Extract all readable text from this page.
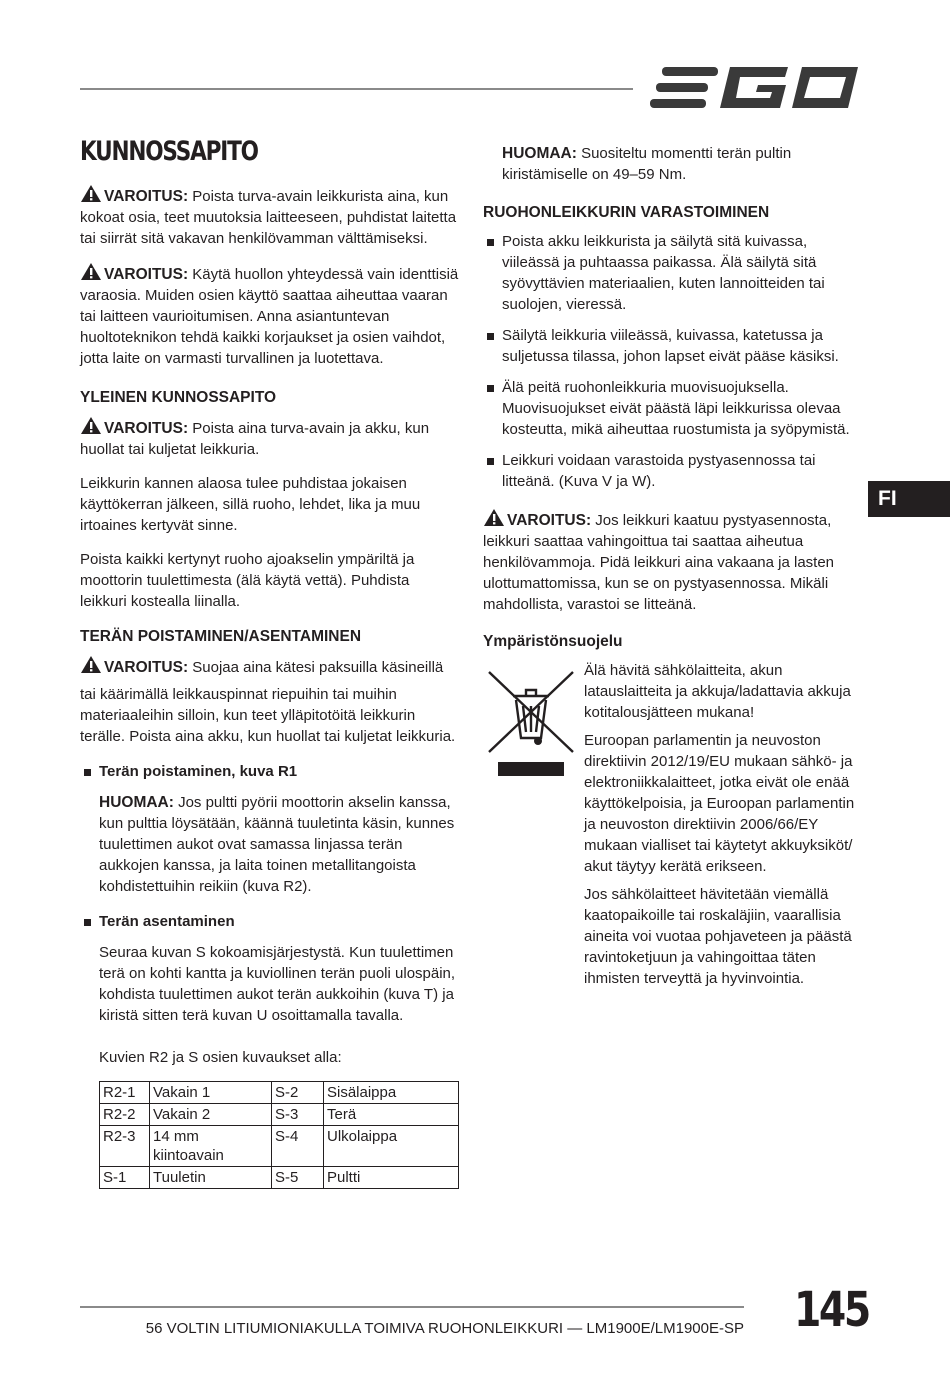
KUNNOSSAPITO

VAROITUS: Poista turva-avain leikkurista aina, kun kokoat osia, teet muutoksia laitteeseen, puhdistat laitetta tai siirrät sitä vakavan henkilövamman välttämiseksi.

VAROITUS: Käytä huollon yhteydessä vain identtisiä varaosia. Muiden osien käyttö saattaa aiheuttaa vaaran tai laitteen vaurioitumisen. Anna asiantuntevan huoltoteknikon tehdä kaikki korjaukset ja osien vaihdot, jotta laite on varmasti turvallinen ja luotettava.

YLEINEN KUNNOSSAPITO

VAROITUS: Poista aina turva-avain ja akku, kun huollat tai kuljetat leikkuria.

Leikkurin kannen alaosa tulee puhdistaa jokaisen käyttökerran jälkeen, sillä ruoho, lehdet, lika ja muu irtoaines kertyvät sinne.

Poista kaikki kertynyt ruoho ajoakselin ympäriltä ja moottorin tuulettimesta (älä käytä vettä). Puhdista leikkuri kostealla liinalla.

TERÄN POISTAMINEN/ASENTAMINEN

VAROITUS: Suojaa aina kätesi paksuilla käsineillä

tai käärimällä leikkauspinnat riepuihin tai muihin materiaaleihin silloin, kun teet ylläpitotöitä leikkurin terälle. Poista aina akku, kun huollat tai kuljetat leikkuria.

Terän poistaminen, kuva R1

HUOMAA: Jos pultti pyörii moottorin akselin kanssa, kun pulttia löysätään, käännä tuuletinta käsin, kunnes tuulettimen aukot ovat samassa linjassa terän aukkojen kanssa, ja laita toinen metallitangoista kohdistettuihin reikiin (kuva R2).

Terän asentaminen

Seuraa kuvan S kokoamisjärjestystä. Kun tuulettimen terä on kohti kantta ja kuviollinen terän puoli ulospäin, kohdista tuulettimen aukot terän aukkoihin (kuva T) ja kiristä sitten terä kuvan U osoittamalla tavalla.

Kuvien R2 ja S osien kuvaukset alla:

R2-1	Vakain 1	S-2	Sisälaippa
R2-2	Vakain 2	S-3	Terä
R2-3	14 mm kiintoavain	S-4	Ulkolaippa
S-1	Tuuletin	S-5	Pultti

HUOMAA: Suositeltu momentti terän pultin kiristämiselle on 49–59 Nm.

RUOHONLEIKKURIN VARASTOIMINEN
Poista akku leikkurista ja säilytä sitä kuivassa, viileässä ja puhtaassa paikassa. Älä säilytä sitä syövyttävien materiaalien, kuten lannoitteiden tai suolojen, vieressä.
Säilytä leikkuria viileässä, kuivassa, katetussa ja suljetussa tilassa, johon lapset eivät pääse käsiksi.
Älä peitä ruohonleikkuria muovisuojuksella. Muovisuojukset eivät päästä läpi leikkurissa olevaa kosteutta, mikä aiheuttaa ruostumista ja syöpymistä.
Leikkuri voidaan varastoida pystyasennossa tai litteänä. (Kuva V ja W).

VAROITUS: Jos leikkuri kaatuu pystyasennosta, leikkuri saattaa vahingoittua tai saattaa aiheutua henkilövammoja. Pidä leikkuri aina vakaana ja lasten ulottumattomissa, kun se on pystyasennossa. Mikäli mahdollista, varastoi se litteänä.

Ympäristönsuojelu

Älä hävitä sähkölaitteita, akun latauslaitteita ja akkuja/ladattavia akkuja kotitalousjätteen mukana!

Euroopan parlamentin ja neuvoston direktiivin 2012/19/EU mukaan sähkö- ja elektroniikkalaitteet, jotka eivät ole enää käyttökelpoisia, ja Euroopan parlamentin ja neuvoston direktiivin 2006/66/EY mukaan vialliset tai käytetyt akkuyksiköt/ akut täytyy kerätä erikseen.

Jos sähkölaitteet hävitetään viemällä kaatopaikoille tai roskaläjiin, vaarallisia aineita voi vuotaa pohjaveteen ja päästä ravintoketjuun ja vahingoittaa täten ihmisten terveyttä ja hyvinvointia.

FI
56 VOLTIN LITIUMIONIAKULLA TOIMIVA RUOHONLEIKKURI — LM1900E/LM1900E-SP 145
